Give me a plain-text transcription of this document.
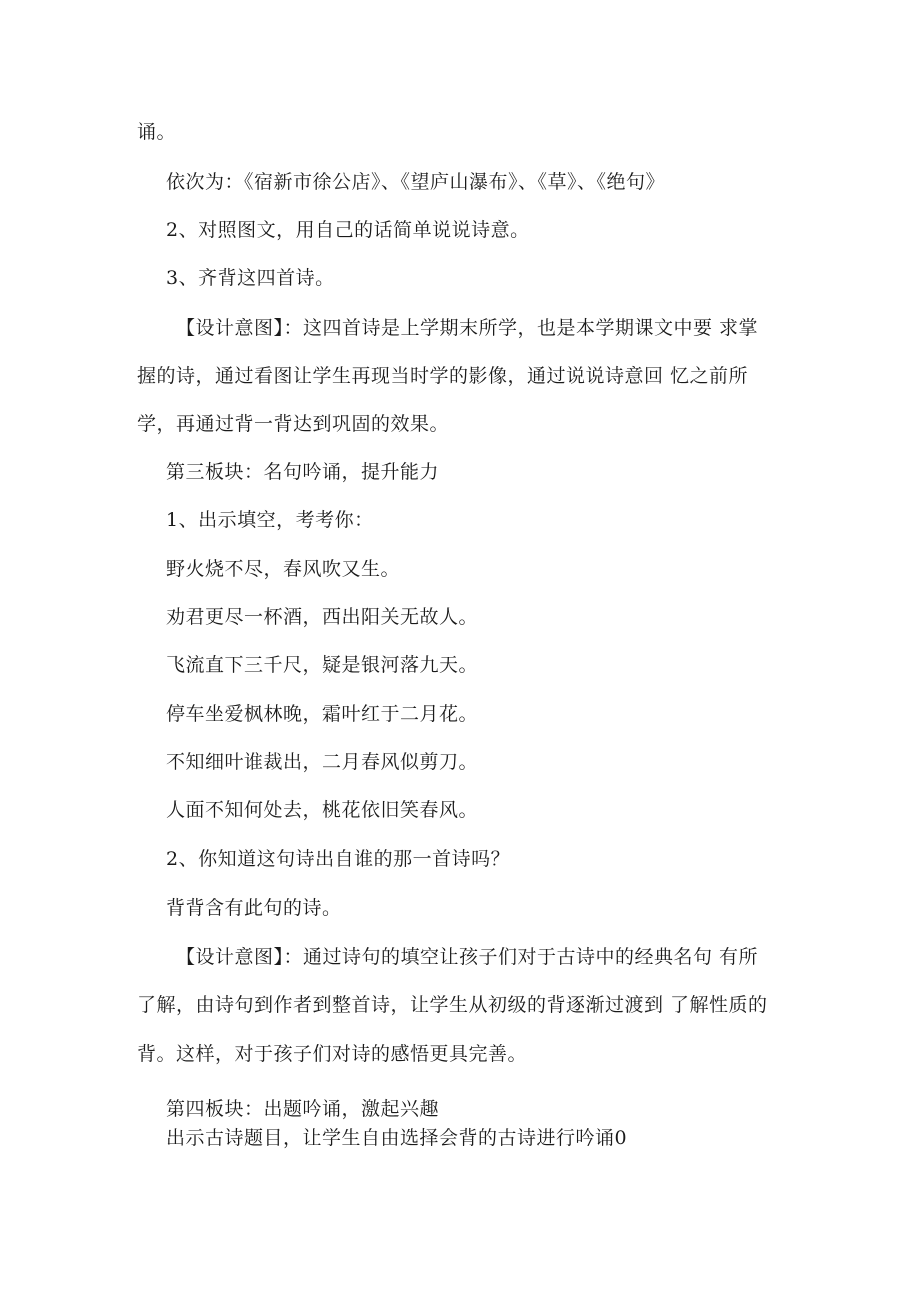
诵。
依次为：《宿新市徐公店》、《望庐山瀑布》、《草》、《绝句》
2、对照图文，用自己的话简单说说诗意。
3、齐背这四首诗。
【设计意图】：这四首诗是上学期末所学，也是本学期课文中要 求掌
握的诗，通过看图让学生再现当时学的影像，通过说说诗意回 忆之前所
学，再通过背一背达到巩固的效果。
第三板块：名句吟诵，提升能力
1、出示填空，考考你：
野火烧不尽，春风吹又生。
劝君更尽一杯酒，西出阳关无故人。
飞流直下三千尺，疑是银河落九天。
停车坐爱枫林晚，霜叶红于二月花。
不知细叶谁裁出，二月春风似剪刀。
人面不知何处去，桃花依旧笑春风。
2、你知道这句诗出自谁的那一首诗吗？
背背含有此句的诗。
【设计意图】：通过诗句的填空让孩子们对于古诗中的经典名句 有所
了解，由诗句到作者到整首诗，让学生从初级的背逐渐过渡到 了解性质的
背。这样，对于孩子们对诗的感悟更具完善。
第四板块：出题吟诵，激起兴趣
出示古诗题目，让学生自由选择会背的古诗进行吟诵0
